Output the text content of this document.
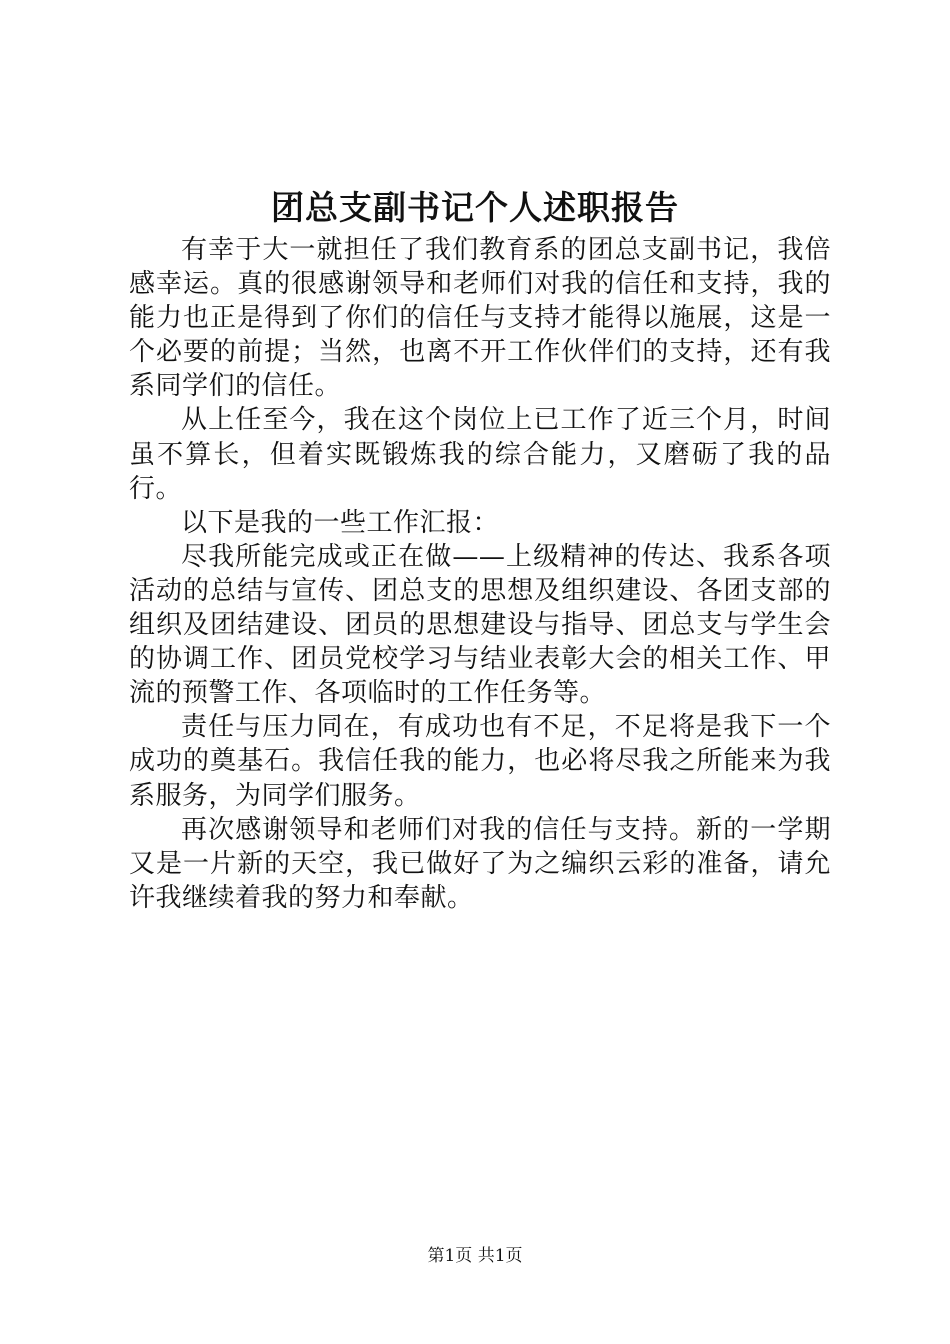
团总支副书记个人述职报告

有幸于大一就担任了我们教育系的团总支副书记，我倍感幸运。真的很感谢领导和老师们对我的信任和支持，我的能力也正是得到了你们的信任与支持才能得以施展，这是一个必要的前提；当然，也离不开工作伙伴们的支持，还有我系同学们的信任。

从上任至今，我在这个岗位上已工作了近三个月，时间虽不算长，但着实既锻炼我的综合能力，又磨砺了我的品行。

以下是我的一些工作汇报：

尽我所能完成或正在做——上级精神的传达、我系各项活动的总结与宣传、团总支的思想及组织建设、各团支部的组织及团结建设、团员的思想建设与指导、团总支与学生会的协调工作、团员党校学习与结业表彰大会的相关工作、甲流的预警工作、各项临时的工作任务等。

责任与压力同在，有成功也有不足，不足将是我下一个成功的奠基石。我信任我的能力，也必将尽我之所能来为我系服务，为同学们服务。

再次感谢领导和老师们对我的信任与支持。新的一学期又是一片新的天空，我已做好了为之编织云彩的准备，请允许我继续着我的努力和奉献。

第1页 共1页
